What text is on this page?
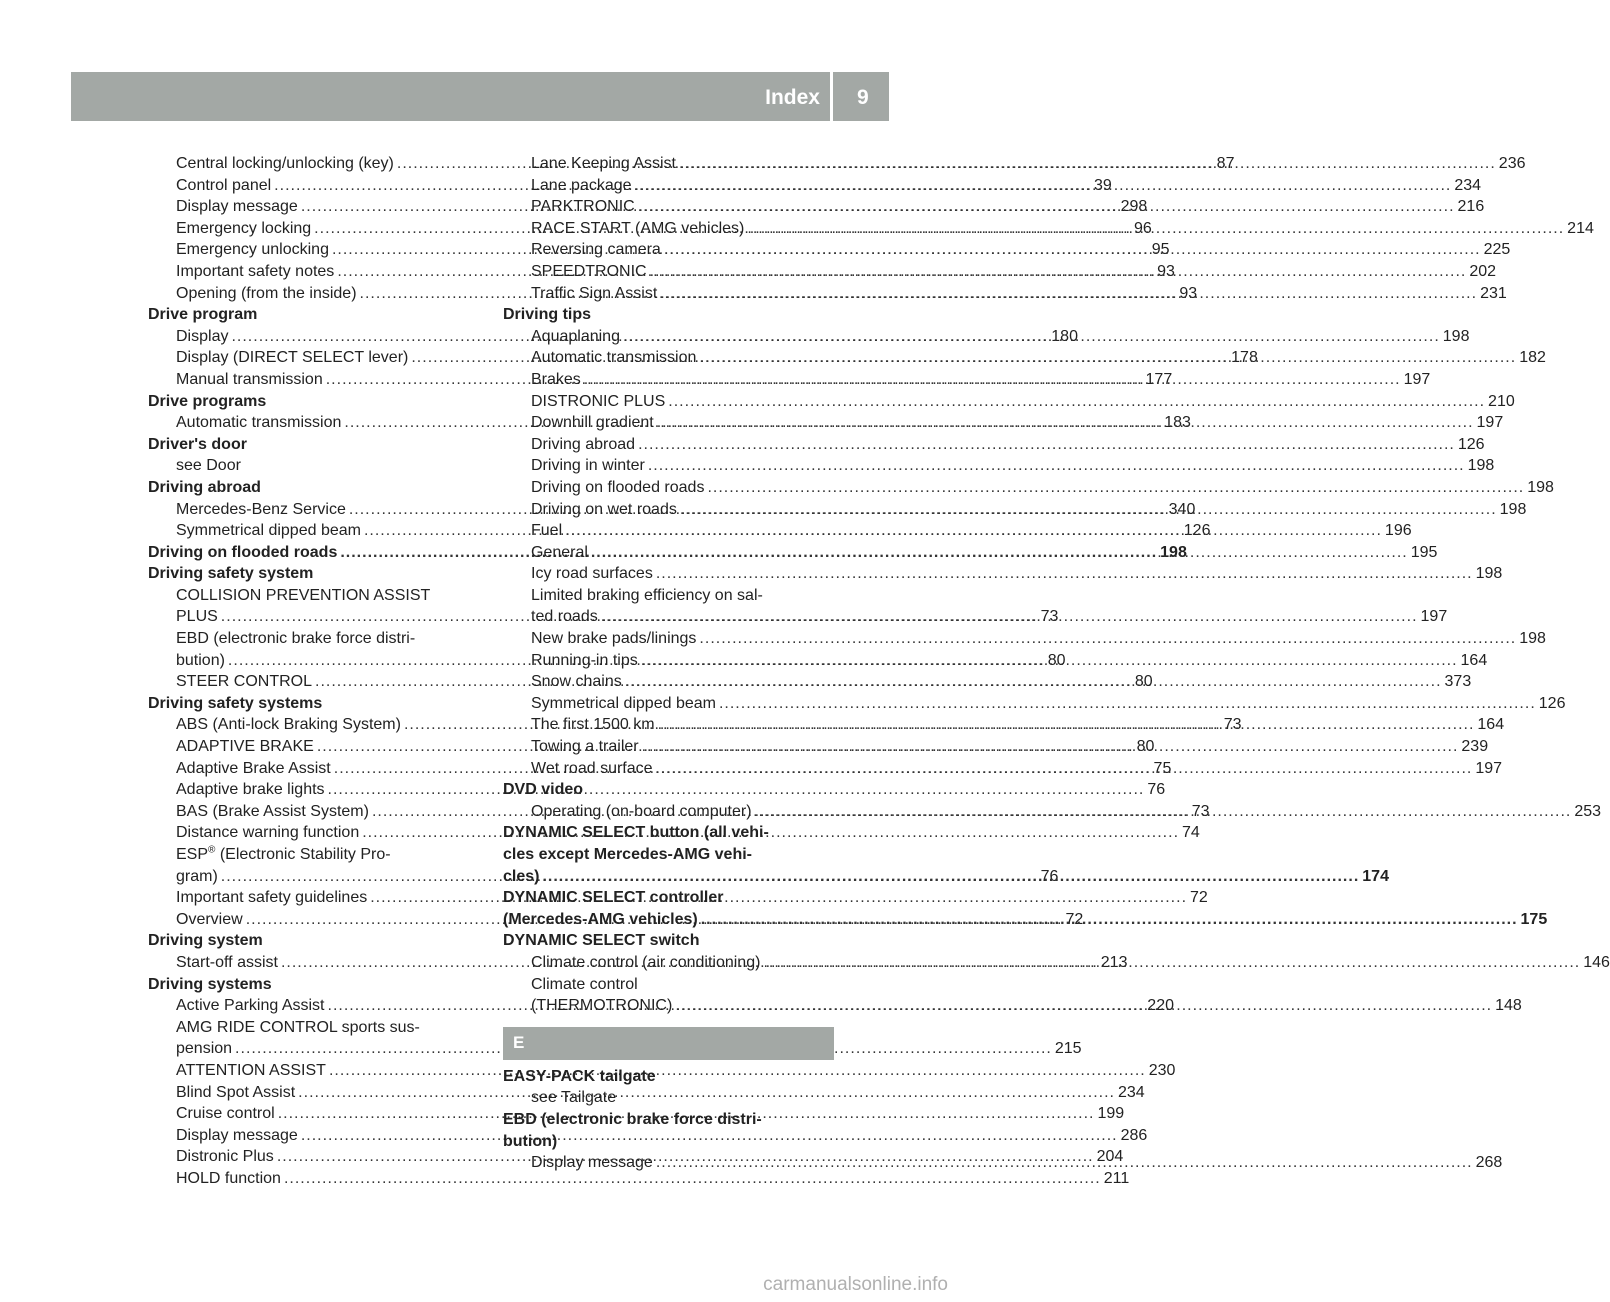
Index 9
Central locking/unlocking (key) .....	87
Control panel .....	39
Display message .....	298
Emergency locking .....	96
Emergency unlocking .....	95
Important safety notes .....	93
Opening (from the inside) .....	93
Drive program
Display .....	180
Display (DIRECT SELECT lever) .....	178
Manual transmission .....	177
Drive programs
Automatic transmission .....	183
Driver's door
see Door
Driving abroad
Mercedes-Benz Service .....	340
Symmetrical dipped beam .....	126
Driving on flooded roads .....	198
Driving safety system
COLLISION PREVENTION ASSIST
PLUS .....	73
EBD (electronic brake force distri-
bution) .....	80
STEER CONTROL .....	80
Driving safety systems
ABS (Anti-lock Braking System) .....	73
ADAPTIVE BRAKE .....	80
Adaptive Brake Assist .....	75
Adaptive brake lights .....	76
BAS (Brake Assist System) .....	73
Distance warning function .....	74
ESP® (Electronic Stability Pro-
gram) .....	76
Important safety guidelines .....	72
Overview .....	72
Driving system
Start-off assist .....	213
Driving systems
Active Parking Assist .....	220
AMG RIDE CONTROL sports sus-
pension .....	215
ATTENTION ASSIST .....	230
Blind Spot Assist .....	234
Cruise control .....	199
Display message .....	286
Distronic Plus .....	204
HOLD function .....	211
Lane Keeping Assist .....	236
Lane package .....	234
PARKTRONIC .....	216
RACE START (AMG vehicles) .....	214
Reversing camera .....	225
SPEEDTRONIC .....	202
Traffic Sign Assist .....	231
Driving tips
Aquaplaning .....	198
Automatic transmission .....	182
Brakes .....	197
DISTRONIC PLUS .....	210
Downhill gradient .....	197
Driving abroad .....	126
Driving in winter .....	198
Driving on flooded roads .....	198
Driving on wet roads .....	198
Fuel .....	196
General .....	195
Icy road surfaces .....	198
Limited braking efficiency on sal-
ted roads .....	197
New brake pads/linings .....	198
Running-in tips .....	164
Snow chains .....	373
Symmetrical dipped beam .....	126
The first 1500 km .....	164
Towing a trailer .....	239
Wet road surface .....	197
DVD video
Operating (on-board computer) .....	253
DYNAMIC SELECT button (all vehi-
cles except Mercedes-AMG vehi-
cles) .....	174
DYNAMIC SELECT controller
(Mercedes-AMG vehicles) .....	175
DYNAMIC SELECT switch
Climate control (air conditioning) .....	146
Climate control
(THERMOTRONIC) .....	148
E
EASY-PACK tailgate
see Tailgate
EBD (electronic brake force distri-
bution)
Display message .....	268
carmanualsonline.info
